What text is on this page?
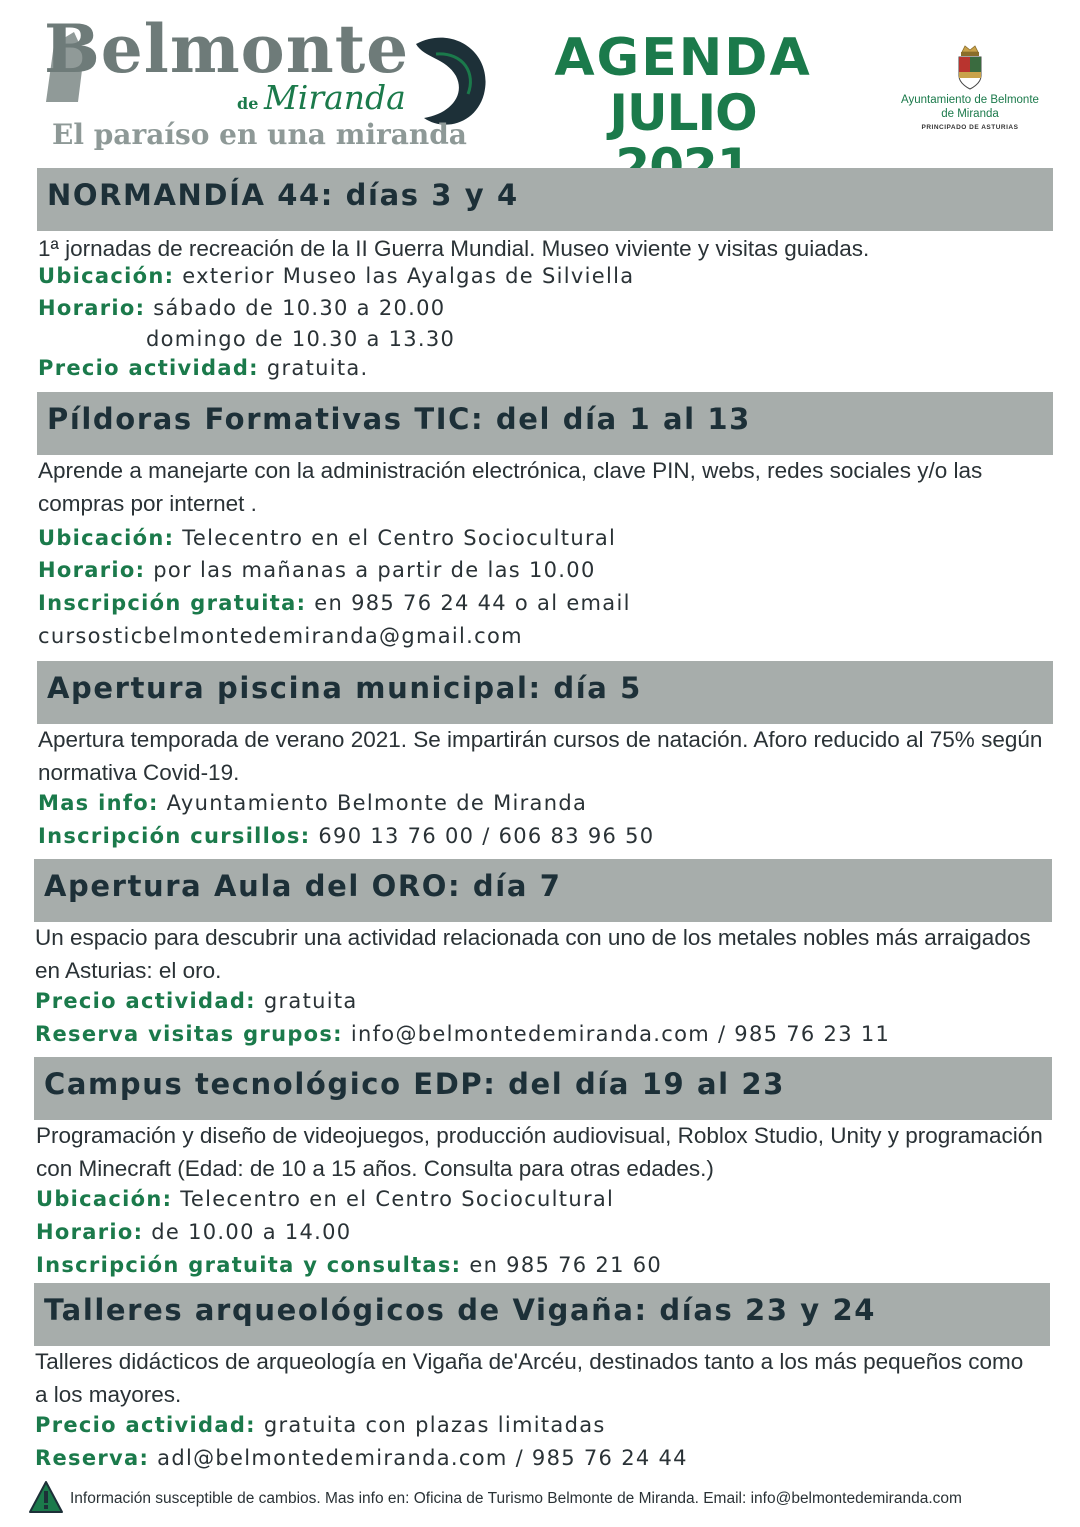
Belmonte
de Miranda
El paraíso en una miranda
AGENDA
JULIO	Ayuntamiento de Belmonte
de Miranda
PRINCIPADO DE ASTURIAS
NORMANDÍA 44: días 3 y 4

1ª jornadas de recreación de la II Guerra Mundial. Museo viviente y visitas guiadas.

Ubicación: exterior Museo las Ayalgas de Silviella
Horario: sábado de 10.30 a 20.00
domingo de 10.30 a 13.30
Precio actividad: gratuita.
Píldoras Formativas TIC: del día 1 al 13

Aprende a manejarte con la administración electrónica, clave PIN, webs, redes sociales y/o las compras por internet .

Ubicación: Telecentro en el Centro Sociocultural
Horario: por las mañanas a partir de las 10.00
Inscripción gratuita: en 985 76 24 44 o al email
cursosticbelmontedemiranda@gmail.com
Apertura piscina municipal: día 5

Apertura temporada de verano 2021. Se impartirán cursos de natación. Aforo reducido al 75% según normativa Covid-19.

Mas info: Ayuntamiento Belmonte de Miranda
Inscripción cursillos: 690 13 76 00 / 606 83 96 50
Apertura Aula del ORO: día 7

Un espacio para descubrir una actividad relacionada con uno de los metales nobles más arraigados en Asturias: el oro.

Precio actividad: gratuita
Reserva visitas grupos: info@belmontedemiranda.com / 985 76 23 11
Campus tecnológico EDP: del día 19 al 23

Programación y diseño de videojuegos, producción audiovisual, Roblox Studio, Unity y programación con Minecraft (Edad: de 10 a 15 años. Consulta para otras edades.)

Ubicación: Telecentro en el Centro Sociocultural
Horario: de 10.00 a 14.00
Inscripción gratuita y consultas: en 985 76 21 60
Talleres arqueológicos de Vigaña: días 23 y 24

Talleres didácticos de arqueología en Vigaña de'Arcéu, destinados tanto a los más pequeños como a los mayores.

Precio actividad: gratuita con plazas limitadas
Reserva: adl@belmontedemiranda.com / 985 76 24 44
Información susceptible de cambios. Mas info en: Oficina de Turismo Belmonte de Miranda. Email: info@belmontedemiranda.com
